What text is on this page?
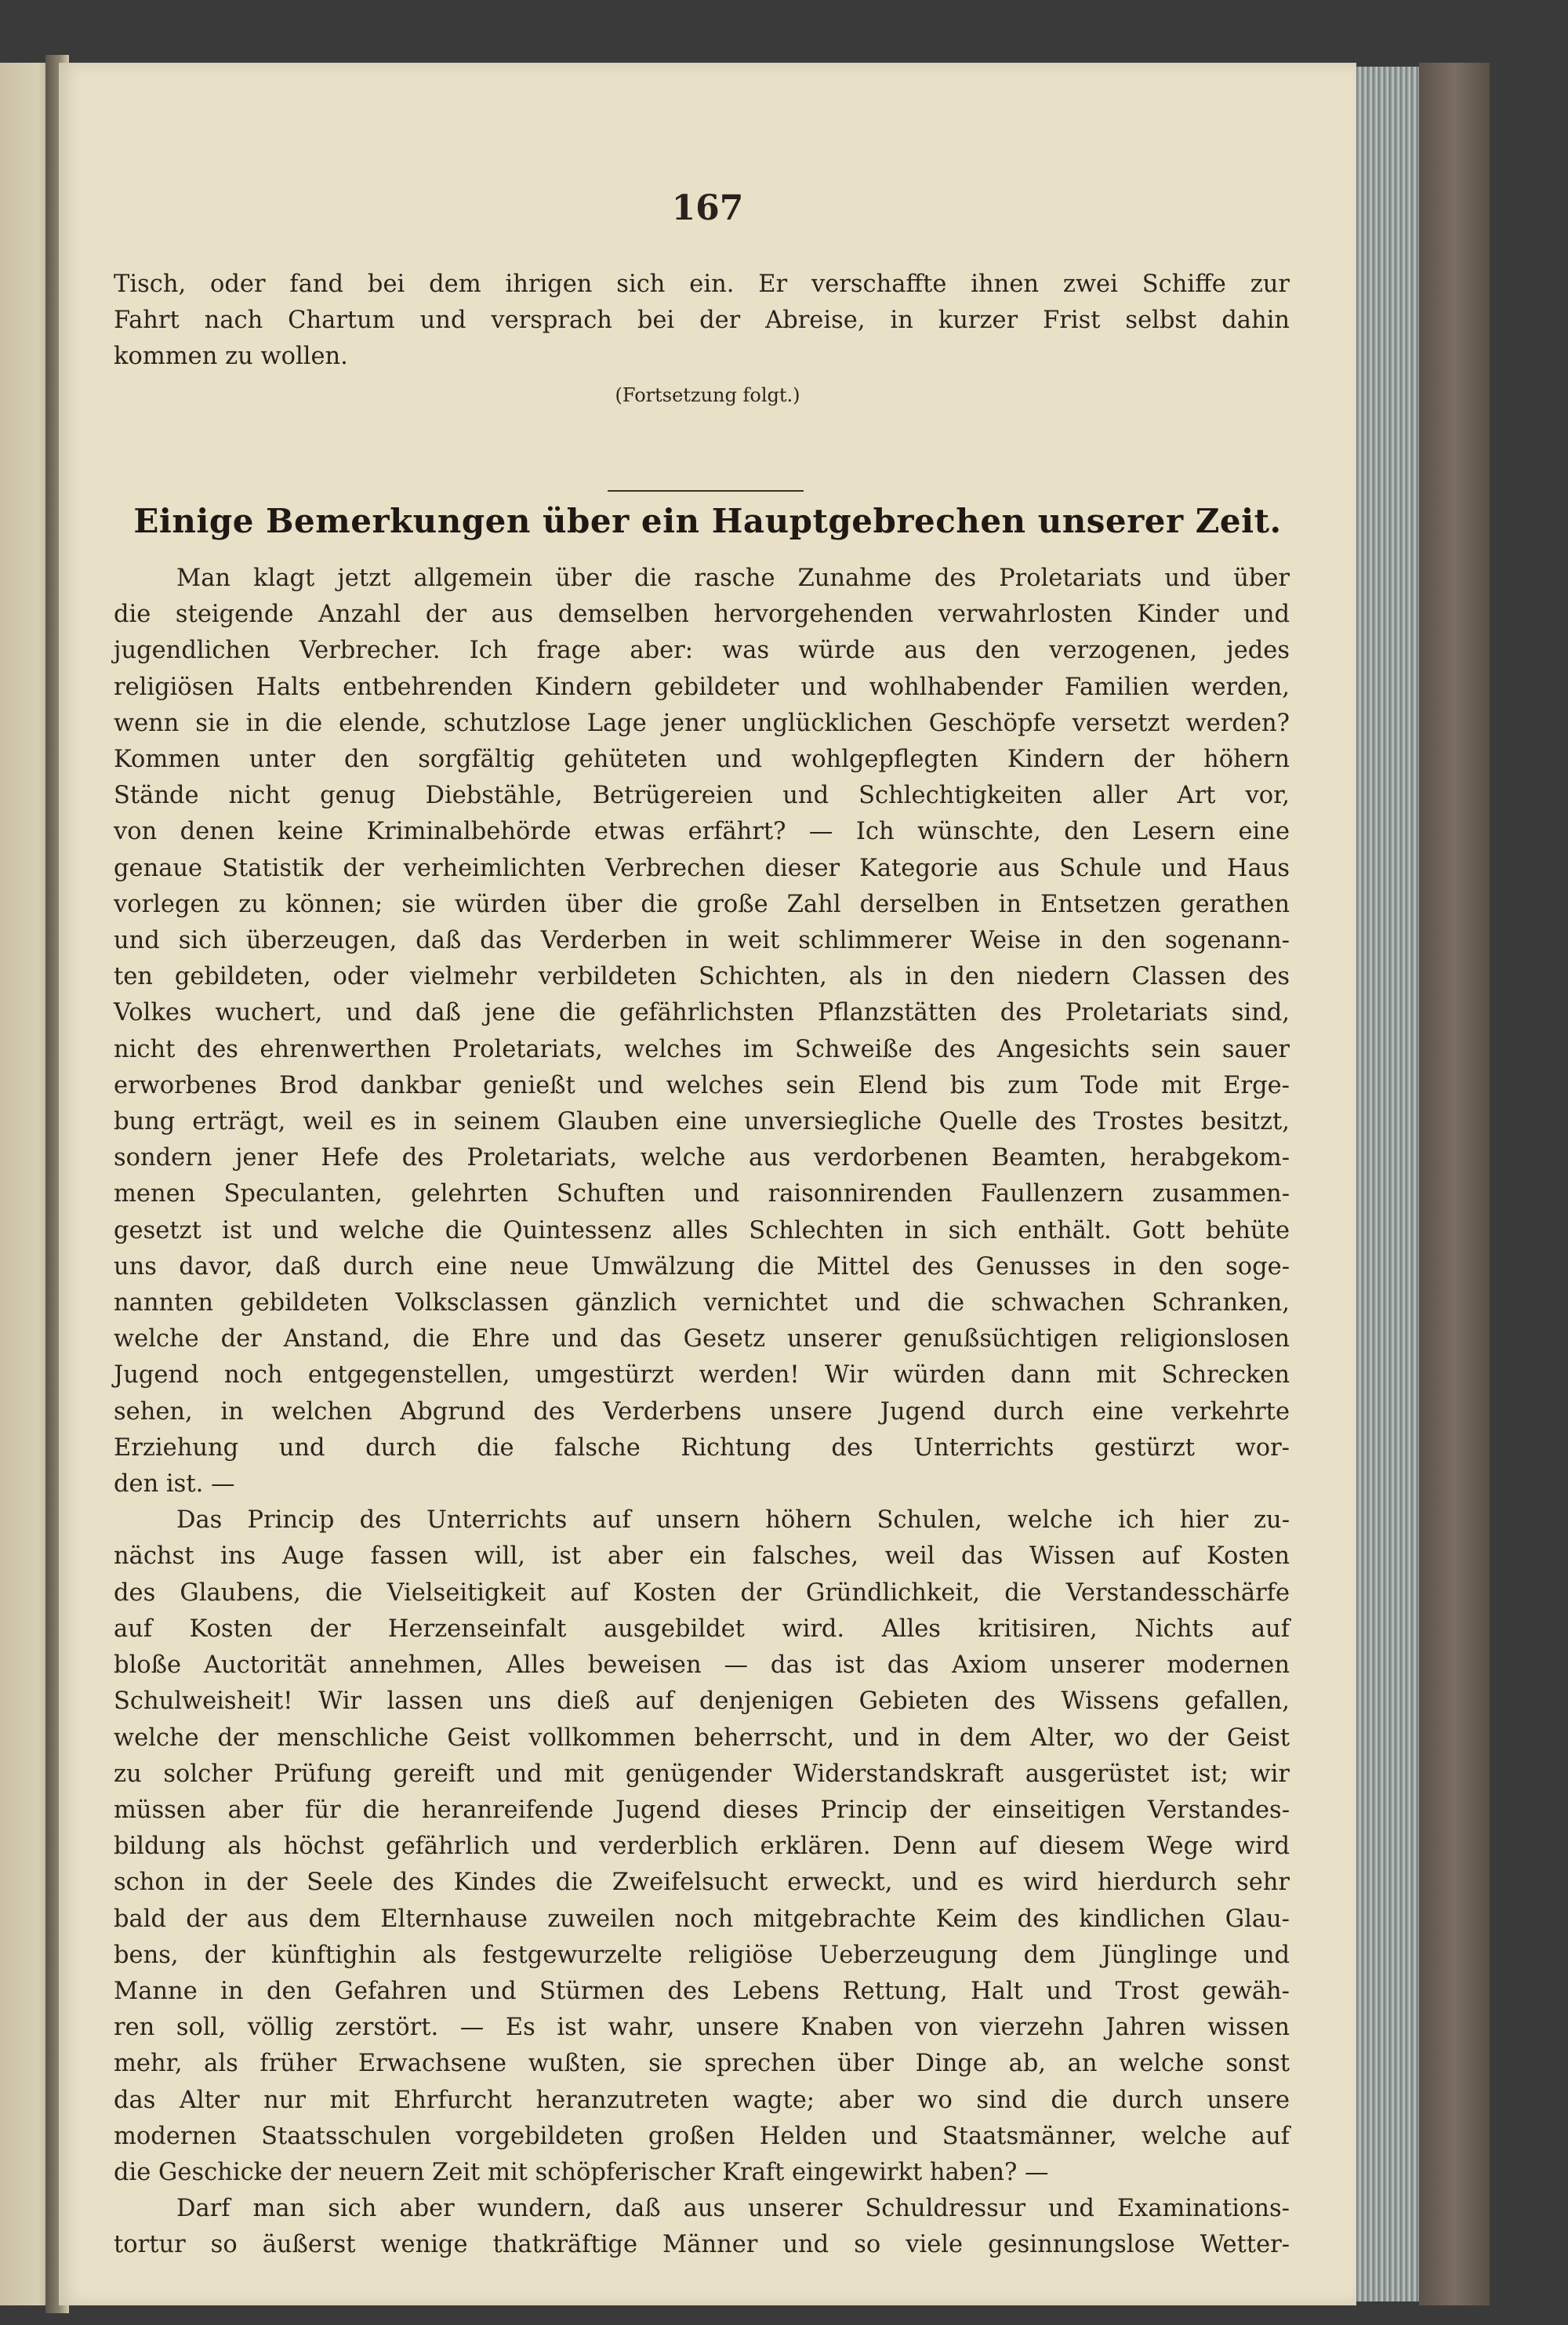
167
Tisch, oder fand bei dem ihrigen sich ein. Er verschaffte ihnen zwei Schiffe zur
Fahrt nach Chartum und versprach bei der Abreise, in kurzer Frist selbst dahin
kommen zu wollen.
(Fortsetzung folgt.)
Einige Bemerkungen über ein Hauptgebrechen unserer Zeit.
Man klagt jetzt allgemein über die rasche Zunahme des Proletariats und über
die steigende Anzahl der aus demselben hervorgehenden verwahrlosten Kinder und
jugendlichen Verbrecher. Ich frage aber: was würde aus den verzogenen, jedes
religiösen Halts entbehrenden Kindern gebildeter und wohlhabender Familien werden,
wenn sie in die elende, schutzlose Lage jener unglücklichen Geschöpfe versetzt werden?
Kommen unter den sorgfältig gehüteten und wohlgepflegten Kindern der höhern
Stände nicht genug Diebstähle, Betrügereien und Schlechtigkeiten aller Art vor,
von denen keine Kriminalbehörde etwas erfährt? — Ich wünschte, den Lesern eine
genaue Statistik der verheimlichten Verbrechen dieser Kategorie aus Schule und Haus
vorlegen zu können; sie würden über die große Zahl derselben in Entsetzen gerathen
und sich überzeugen, daß das Verderben in weit schlimmerer Weise in den sogenann-
ten gebildeten, oder vielmehr verbildeten Schichten, als in den niedern Classen des
Volkes wuchert, und daß jene die gefährlichsten Pflanzstätten des Proletariats sind,
nicht des ehrenwerthen Proletariats, welches im Schweiße des Angesichts sein sauer
erworbenes Brod dankbar genießt und welches sein Elend bis zum Tode mit Erge-
bung erträgt, weil es in seinem Glauben eine unversiegliche Quelle des Trostes besitzt,
sondern jener Hefe des Proletariats, welche aus verdorbenen Beamten, herabgekom-
menen Speculanten, gelehrten Schuften und raisonnirenden Faullenzern zusammen-
gesetzt ist und welche die Quintessenz alles Schlechten in sich enthält. Gott behüte
uns davor, daß durch eine neue Umwälzung die Mittel des Genusses in den soge-
nannten gebildeten Volksclassen gänzlich vernichtet und die schwachen Schranken,
welche der Anstand, die Ehre und das Gesetz unserer genußsüchtigen religionslosen
Jugend noch entgegenstellen, umgestürzt werden! Wir würden dann mit Schrecken
sehen, in welchen Abgrund des Verderbens unsere Jugend durch eine verkehrte
Erziehung und durch die falsche Richtung des Unterrichts gestürzt wor-
den ist. —
Das Princip des Unterrichts auf unsern höhern Schulen, welche ich hier zu-
nächst ins Auge fassen will, ist aber ein falsches, weil das Wissen auf Kosten
des Glaubens, die Vielseitigkeit auf Kosten der Gründlichkeit, die Verstandesschärfe
auf Kosten der Herzenseinfalt ausgebildet wird. Alles kritisiren, Nichts auf
bloße Auctorität annehmen, Alles beweisen — das ist das Axiom unserer modernen
Schulweisheit! Wir lassen uns dieß auf denjenigen Gebieten des Wissens gefallen,
welche der menschliche Geist vollkommen beherrscht, und in dem Alter, wo der Geist
zu solcher Prüfung gereift und mit genügender Widerstandskraft ausgerüstet ist; wir
müssen aber für die heranreifende Jugend dieses Princip der einseitigen Verstandes-
bildung als höchst gefährlich und verderblich erklären. Denn auf diesem Wege wird
schon in der Seele des Kindes die Zweifelsucht erweckt, und es wird hierdurch sehr
bald der aus dem Elternhause zuweilen noch mitgebrachte Keim des kindlichen Glau-
bens, der künftighin als festgewurzelte religiöse Ueberzeugung dem Jünglinge und
Manne in den Gefahren und Stürmen des Lebens Rettung, Halt und Trost gewäh-
ren soll, völlig zerstört. — Es ist wahr, unsere Knaben von vierzehn Jahren wissen
mehr, als früher Erwachsene wußten, sie sprechen über Dinge ab, an welche sonst
das Alter nur mit Ehrfurcht heranzutreten wagte; aber wo sind die durch unsere
modernen Staatsschulen vorgebildeten großen Helden und Staatsmänner, welche auf
die Geschicke der neuern Zeit mit schöpferischer Kraft eingewirkt haben? —
Darf man sich aber wundern, daß aus unserer Schuldressur und Examinations-
tortur so äußerst wenige thatkräftige Männer und so viele gesinnungslose Wetter-
